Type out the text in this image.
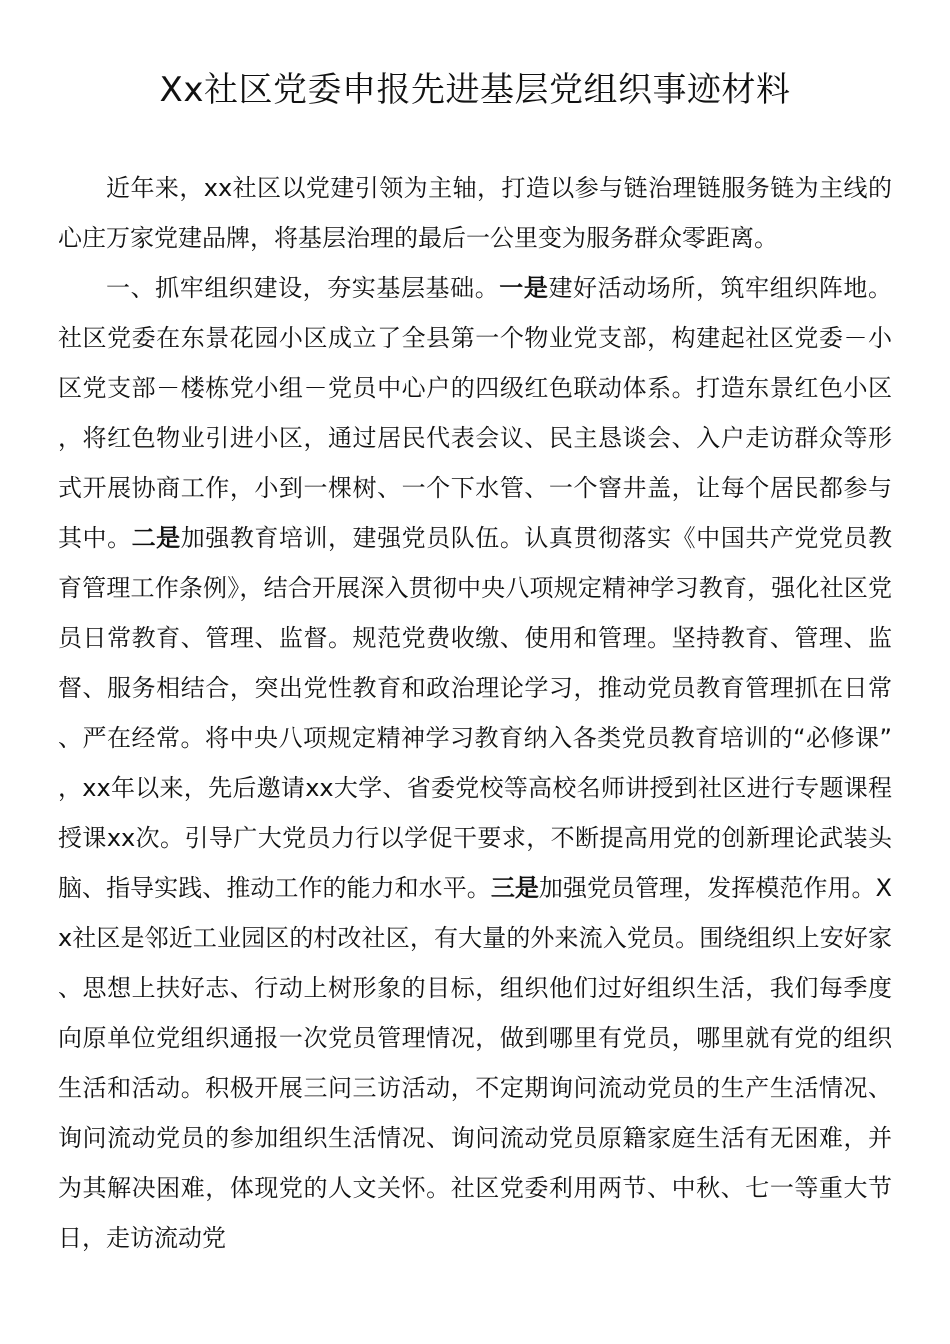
Xx社区党委申报先进基层党组织事迹材料

近年来，xx社区以党建引领为主轴，打造以参与链治理链服务链为主线的心庄万家党建品牌，将基层治理的最后一公里变为服务群众零距离。

一、抓牢组织建设，夯实基层基础。一是建好活动场所，筑牢组织阵地。社区党委在东景花园小区成立了全县第一个物业党支部，构建起社区党委－小区党支部－楼栋党小组－党员中心户的四级红色联动体系。打造东景红色小区，将红色物业引进小区，通过居民代表会议、民主恳谈会、入户走访群众等形式开展协商工作，小到一棵树、一个下水管、一个窨井盖，让每个居民都参与其中。二是加强教育培训，建强党员队伍。认真贯彻落实《中国共产党党员教育管理工作条例》，结合开展深入贯彻中央八项规定精神学习教育，强化社区党员日常教育、管理、监督。规范党费收缴、使用和管理。坚持教育、管理、监督、服务相结合，突出党性教育和政治理论学习，推动党员教育管理抓在日常、严在经常。将中央八项规定精神学习教育纳入各类党员教育培训的“必修课”，xx年以来，先后邀请xx大学、省委党校等高校名师讲授到社区进行专题课程授课xx次。引导广大党员力行以学促干要求，不断提高用党的创新理论武装头脑、指导实践、推动工作的能力和水平。三是加强党员管理，发挥模范作用。Xx社区是邻近工业园区的村改社区，有大量的外来流入党员。围绕组织上安好家、思想上扶好志、行动上树形象的目标，组织他们过好组织生活，我们每季度向原单位党组织通报一次党员管理情况，做到哪里有党员，哪里就有党的组织生活和活动。积极开展三问三访活动，不定期询问流动党员的生产生活情况、询问流动党员的参加组织生活情况、询问流动党员原籍家庭生活有无困难，并为其解决困难，体现党的人文关怀。社区党委利用两节、中秋、七一等重大节日，走访流动党
